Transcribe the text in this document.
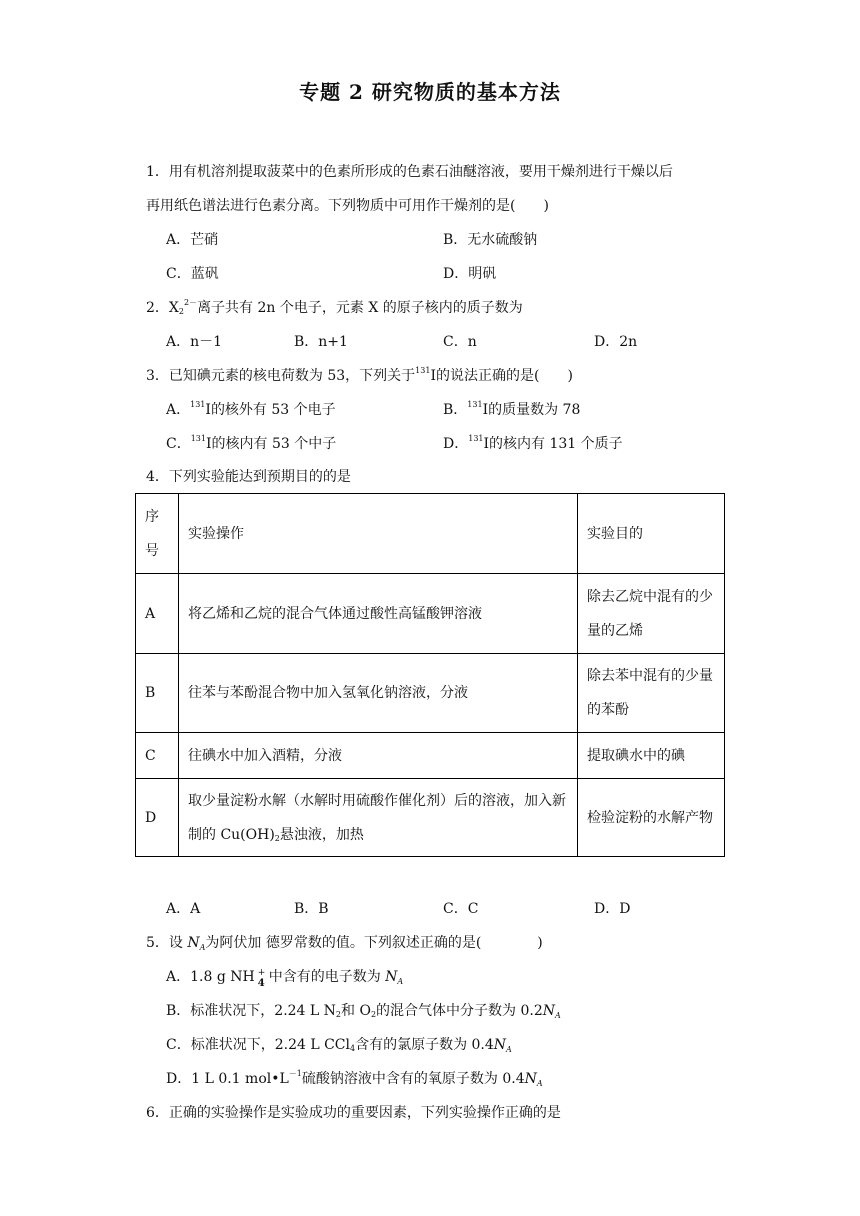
专题 2 研究物质的基本方法
1．用有机溶剂提取菠菜中的色素所形成的色素石油醚溶液，要用干燥剂进行干燥以后
再用纸色谱法进行色素分离。下列物质中可用作干燥剂的是(　　)
A．芒硝	B．无水硫酸钠
C．蓝矾	D．明矾
2．$X_2^{2-}$离子共有 2n 个电子，元素 X 的原子核内的质子数为
A．n－1	B．n+1	C．n	D．2n
3．已知碘元素的核电荷数为 53，下列关于$^{131}$I的说法正确的是(　　)
A．$^{131}$I的核外有 53 个电子	B．$^{131}$I的质量数为 78
C．$^{131}$I的核内有 53 个中子	D．$^{131}$I的核内有 131 个质子
4．下列实验能达到预期目的的是
序号	实验操作	实验目的
A	将乙烯和乙烷的混合气体通过酸性高锰酸钾溶液	除去乙烷中混有的少量的乙烯
B	往苯与苯酚混合物中加入氢氧化钠溶液，分液	除去苯中混有的少量的苯酚
C	往碘水中加入酒精，分液	提取碘水中的碘
D	取少量淀粉水解（水解时用硫酸作催化剂）后的溶液，加入新制的 $Cu(OH)_2$悬浊液，加热	检验淀粉的水解产物
A．A	B．B	C．C	D．D
5．设 $N_A$为阿伏加 德罗常数的值。下列叙述正确的是(　　　　)
A．1.8 g NH +
4 中含有的电子数为 $N_A$
B．标准状况下，2.24 L $N_2$和 $O_2$的混合气体中分子数为 $0.2N_A$
C．标准状况下，2.24 L CCl$_4$含有的氯原子数为 $0.4N_A$
D．1 L 0.1 $mol•L^{-1}$硫酸钠溶液中含有的氧原子数为 $0.4N_A$
6．正确的实验操作是实验成功的重要因素，下列实验操作正确的是
